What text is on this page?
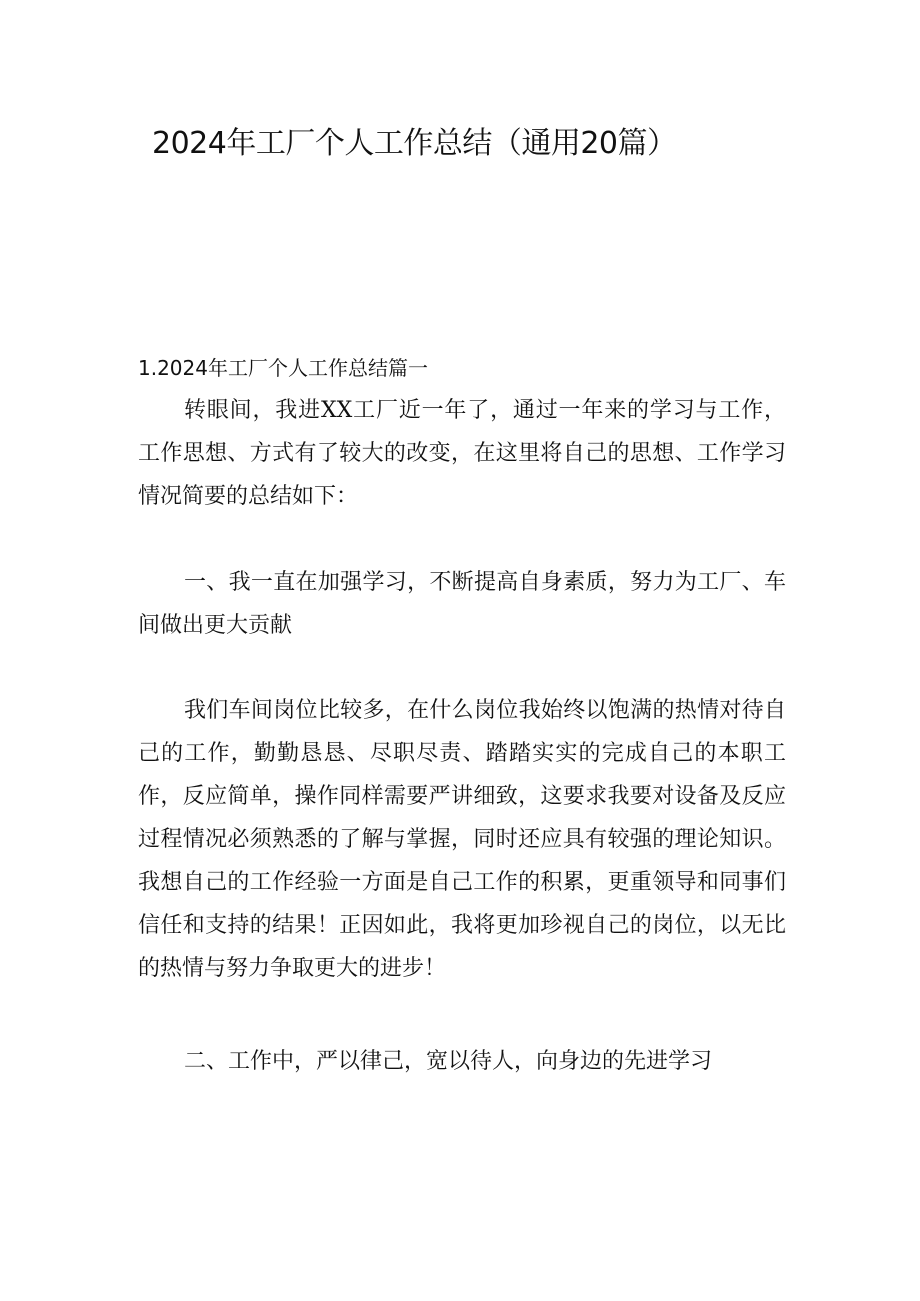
2024年工厂个人工作总结（通用20篇）
1.2024年工厂个人工作总结篇一

转眼间，我进XX工厂近一年了，通过一年来的学习与工作，工作思想、方式有了较大的改变，在这里将自己的思想、工作学习情况简要的总结如下：

一、我一直在加强学习，不断提高自身素质，努力为工厂、车间做出更大贡献

我们车间岗位比较多，在什么岗位我始终以饱满的热情对待自己的工作，勤勤恳恳、尽职尽责、踏踏实实的完成自己的本职工作，反应简单，操作同样需要严讲细致，这要求我要对设备及反应过程情况必须熟悉的了解与掌握，同时还应具有较强的理论知识。我想自己的工作经验一方面是自己工作的积累，更重领导和同事们信任和支持的结果！正因如此，我将更加珍视自己的岗位，以无比的热情与努力争取更大的进步！

二、工作中，严以律己，宽以待人，向身边的先进学习
